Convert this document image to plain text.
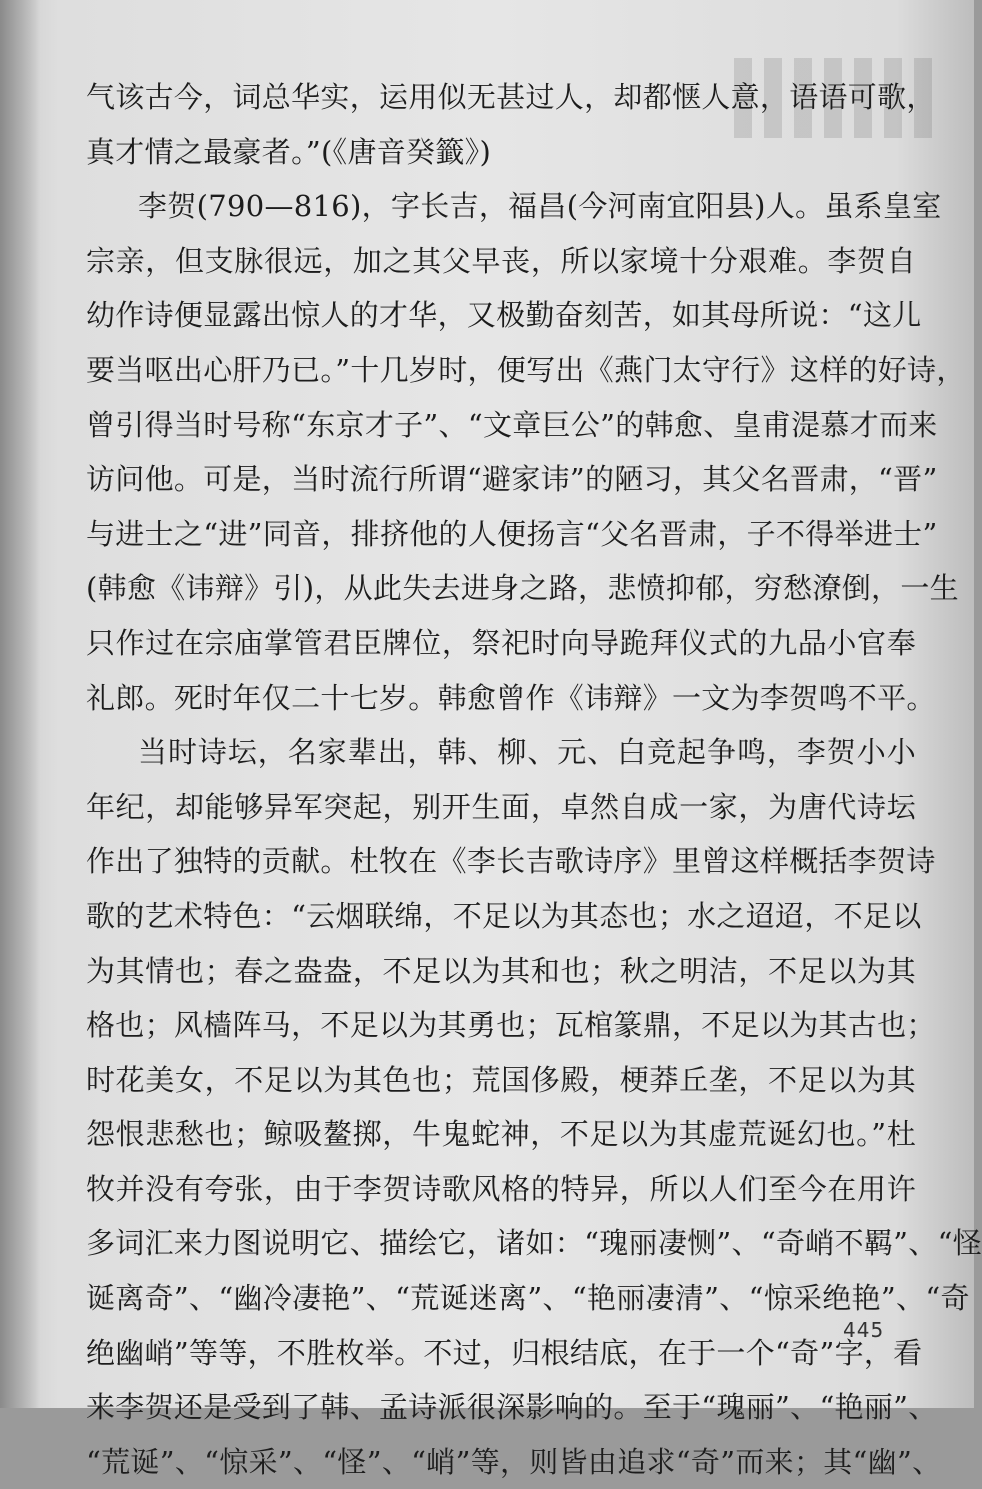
气该古今，词总华实，运用似无甚过人，却都惬人意，语语可歌，
真才情之最豪者。”(《唐音癸籤》)
李贺(790—816)，字长吉，福昌(今河南宜阳县)人。虽系皇室
宗亲，但支脉很远，加之其父早丧，所以家境十分艰难。李贺自
幼作诗便显露出惊人的才华，又极勤奋刻苦，如其母所说：“这儿
要当呕出心肝乃已。”十几岁时，便写出《燕门太守行》这样的好诗，
曾引得当时号称“东京才子”、“文章巨公”的韩愈、皇甫湜慕才而来
访问他。可是，当时流行所谓“避家讳”的陋习，其父名晋肃，“晋”
与进士之“进”同音，排挤他的人便扬言“父名晋肃，子不得举进士”
(韩愈《讳辩》引)，从此失去进身之路，悲愤抑郁，穷愁潦倒，一生
只作过在宗庙掌管君臣牌位，祭祀时向导跪拜仪式的九品小官奉
礼郎。死时年仅二十七岁。韩愈曾作《讳辩》一文为李贺鸣不平。
当时诗坛，名家辈出，韩、柳、元、白竞起争鸣，李贺小小
年纪，却能够异军突起，别开生面，卓然自成一家，为唐代诗坛
作出了独特的贡献。杜牧在《李长吉歌诗序》里曾这样概括李贺诗
歌的艺术特色：“云烟联绵，不足以为其态也；水之迢迢，不足以
为其情也；春之盎盎，不足以为其和也；秋之明洁，不足以为其
格也；风樯阵马，不足以为其勇也；瓦棺篆鼎，不足以为其古也；
时花美女，不足以为其色也；荒国侈殿，梗莽丘垄，不足以为其
怨恨悲愁也；鲸吸鳌掷，牛鬼蛇神，不足以为其虚荒诞幻也。”杜
牧并没有夸张，由于李贺诗歌风格的特异，所以人们至今在用许
多词汇来力图说明它、描绘它，诸如：“瑰丽凄恻”、“奇峭不羁”、“怪
诞离奇”、“幽冷凄艳”、“荒诞迷离”、“艳丽凄清”、“惊采绝艳”、“奇
绝幽峭”等等，不胜枚举。不过，归根结底，在于一个“奇”字，看
来李贺还是受到了韩、孟诗派很深影响的。至于“瑰丽”、“艳丽”、
“荒诞”、“惊采”、“怪”、“峭”等，则皆由追求“奇”而来；其“幽”、
445
